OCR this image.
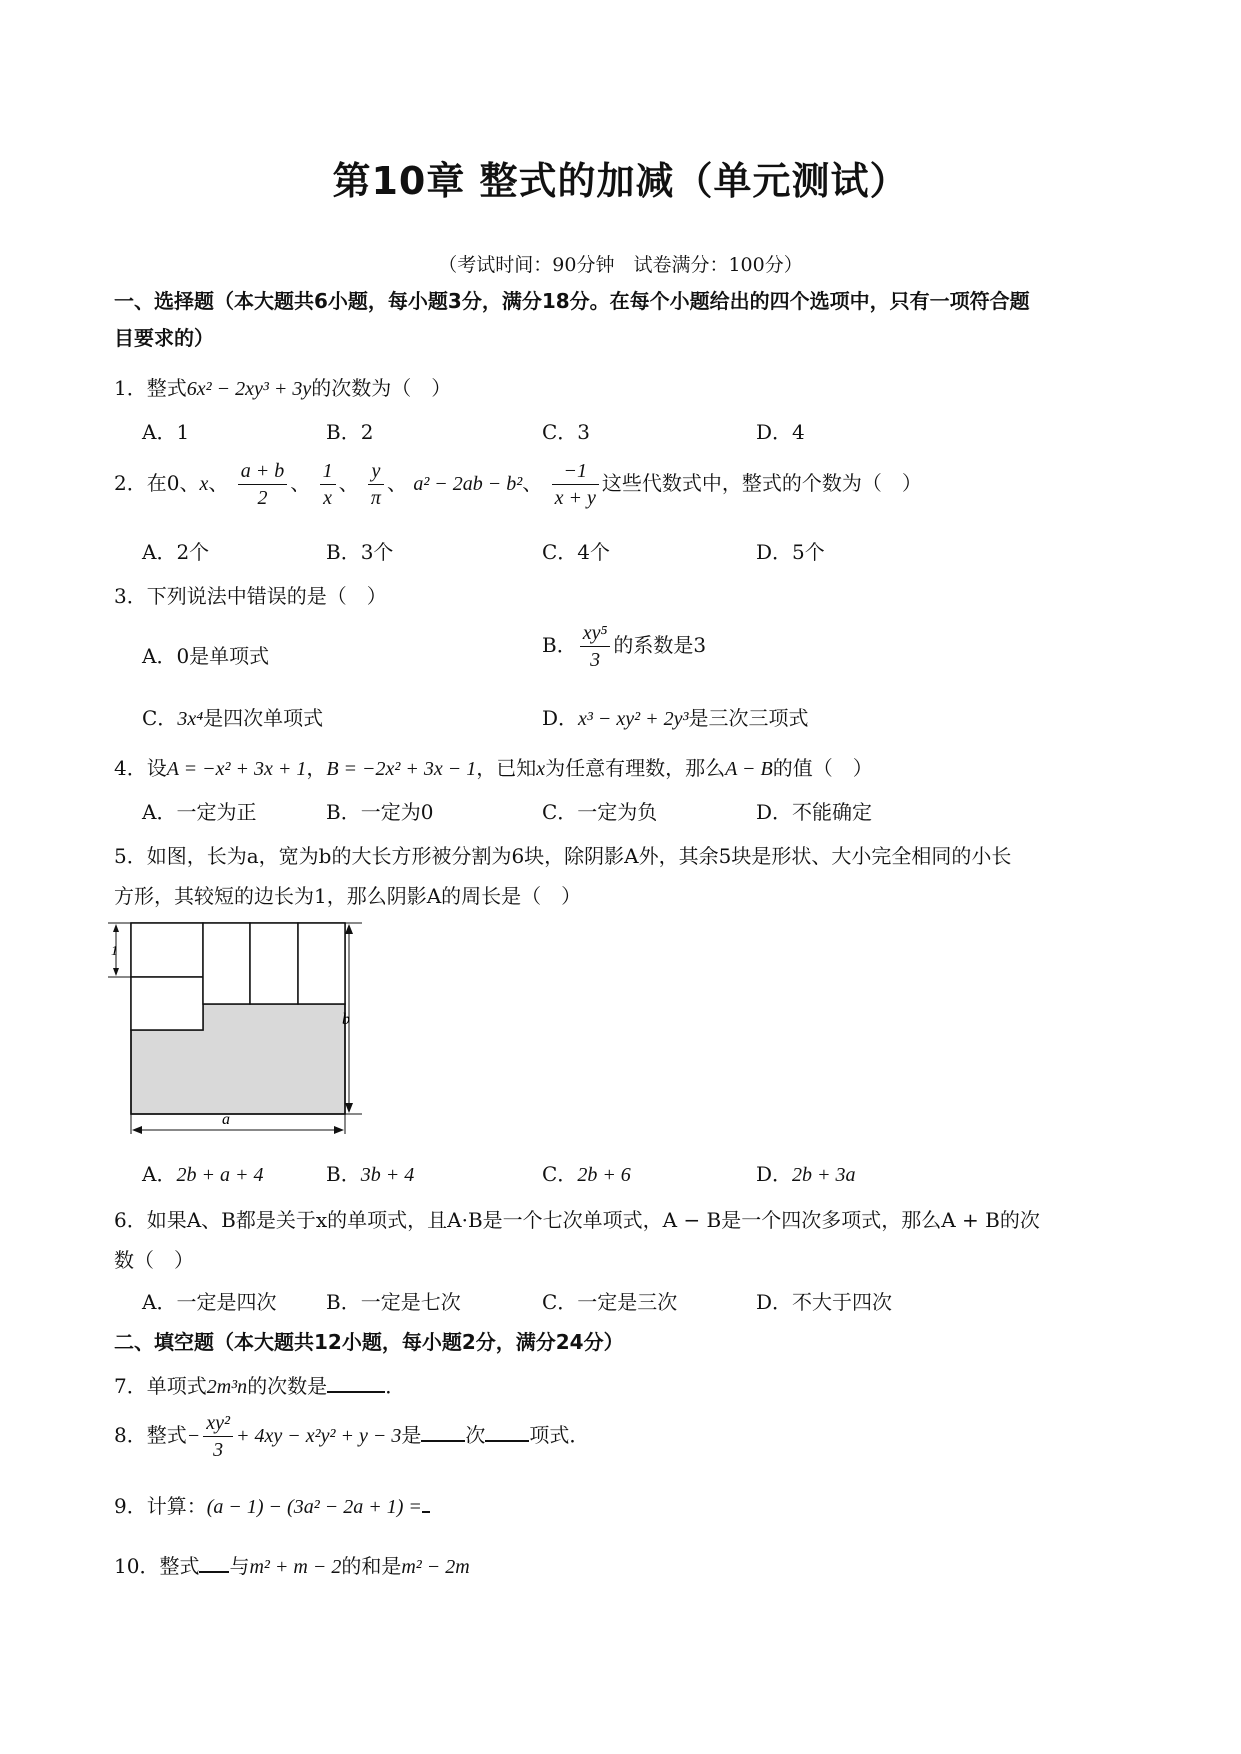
第10章 整式的加减（单元测试）
（考试时间：90分钟　试卷满分：100分）
一、选择题（本大题共6小题，每小题3分，满分18分。在每个小题给出的四个选项中，只有一项符合题
目要求的）
1．整式6x² − 2xy³ + 3y的次数为（　）
A．1	B．2	C．3	D．4
2．在0、x、 $\frac{a + b}{2}$ 、 $\frac{1}{x}$ 、 $\frac{y}{\pi}$ 、 a² − 2ab − b²、 $\frac{-1}{x + y}$ 这些代数式中，整式的个数为（　）
A．2个	B．3个	C．4个	D．5个
3．下列说法中错误的是（　）
A．0是单项式	B． $\frac{\text{xy⁵}}{3}$ 的系数是3
C．3x⁴是四次单项式	D．x³ − xy² + 2y³是三次三项式
4．设A = −x² + 3x + 1，B = −2x² + 3x − 1，已知x为任意有理数，那么A − B的值（　）
A．一定为正	B．一定为0	C．一定为负	D．不能确定
5．如图，长为a，宽为b的大长方形被分割为6块，除阴影A外，其余5块是形状、大小完全相同的小长
方形，其较短的边长为1，那么阴影A的周长是（　）
1
b
a
A．2b + a + 4	B．3b + 4	C．2b + 6	D．2b + 3a
6．如果A、B都是关于x的单项式，且A·B是一个七次单项式，A − B是一个四次多项式，那么A + B的次
数（　）
A．一定是四次 B．一定是七次	C．一定是三次	D．不大于四次
二、填空题（本大题共12小题，每小题2分，满分24分）
7．单项式2m³n的次数是	．
8．整式− $\frac{\text{xy²}}{3} + 4xy - x^2y^2 + y - 3$是 次 项式．
9．计算：(a − 1) − (3a² − 2a + 1) =
10．整式 与m² + m − 2的和是m² − 2m
